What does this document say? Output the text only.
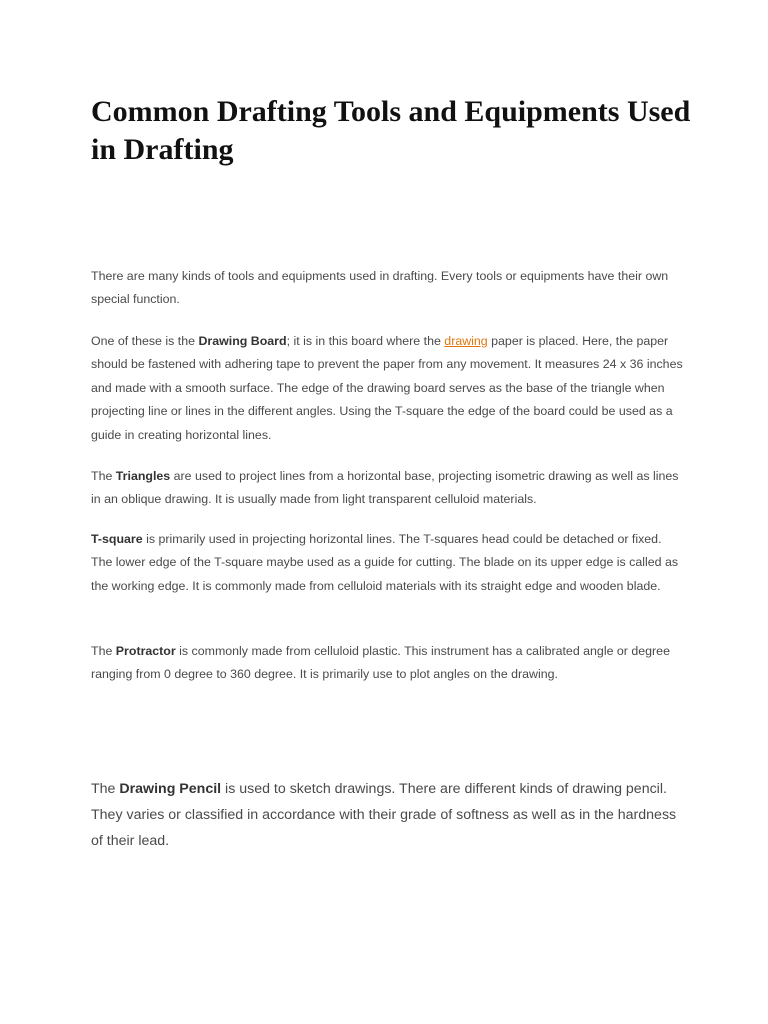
Common Drafting Tools and Equipments Used in Drafting

There are many kinds of tools and equipments used in drafting. Every tools or equipments have their own special function.

One of these is the Drawing Board; it is in this board where the drawing paper is placed. Here, the paper should be fastened with adhering tape to prevent the paper from any movement. It measures 24 x 36 inches and made with a smooth surface. The edge of the drawing board serves as the base of the triangle when projecting line or lines in the different angles. Using the T-square the edge of the board could be used as a guide in creating horizontal lines.

The Triangles are used to project lines from a horizontal base, projecting isometric drawing as well as lines in an oblique drawing. It is usually made from light transparent celluloid materials.

T-square is primarily used in projecting horizontal lines. The T-squares head could be detached or fixed. The lower edge of the T-square maybe used as a guide for cutting. The blade on its upper edge is called as the working edge. It is commonly made from celluloid materials with its straight edge and wooden blade.

The Protractor is commonly made from celluloid plastic. This instrument has a calibrated angle or degree ranging from 0 degree to 360 degree. It is primarily use to plot angles on the drawing.

The Drawing Pencil is used to sketch drawings. There are different kinds of drawing pencil. They varies or classified in accordance with their grade of softness as well as in the hardness of their lead.
